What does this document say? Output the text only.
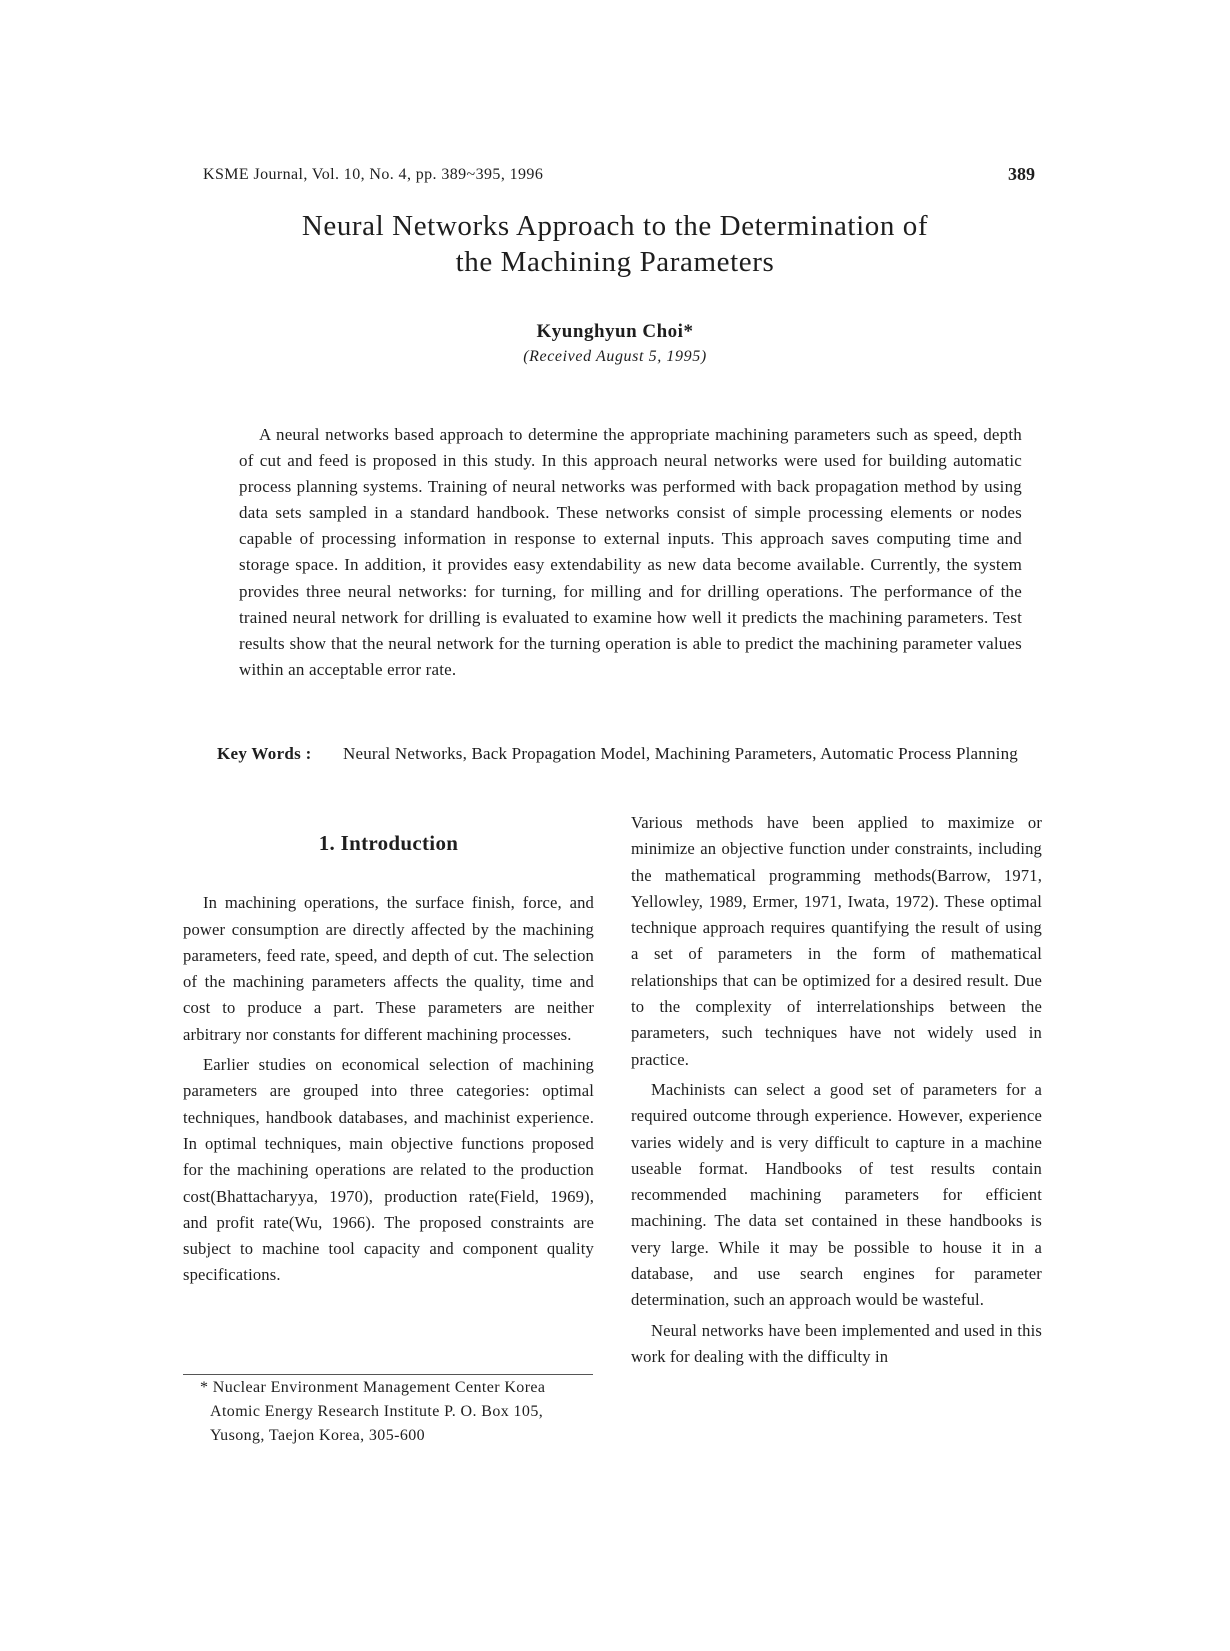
KSME Journal, Vol. 10, No. 4, pp. 389~395, 1996	389
Neural Networks Approach to the Determination of
the Machining Parameters
Kyunghyun Choi*
(Received August 5, 1995)

A neural networks based approach to determine the appropriate machining parameters such as speed, depth of cut and feed is proposed in this study. In this approach neural networks were used for building automatic process planning systems. Training of neural networks was performed with back propagation method by using data sets sampled in a standard handbook. These networks consist of simple processing elements or nodes capable of processing information in response to external inputs. This approach saves computing time and storage space. In addition, it provides easy extendability as new data become available. Currently, the system provides three neural networks: for turning, for milling and for drilling operations. The performance of the trained neural network for drilling is evaluated to examine how well it predicts the machining parameters. Test results show that the neural network for the turning operation is able to predict the machining parameter values within an acceptable error rate.

Key Words :	Neural Networks, Back Propagation Model, Machining Parameters, Automatic Process Planning
1. Introduction

In machining operations, the surface finish, force, and power consumption are directly affected by the machining parameters, feed rate, speed, and depth of cut. The selection of the machining parameters affects the quality, time and cost to produce a part. These parameters are neither arbitrary nor constants for different machining processes.

Earlier studies on economical selection of machining parameters are grouped into three categories: optimal techniques, handbook databases, and machinist experience. In optimal techniques, main objective functions proposed for the machining operations are related to the production cost(Bhattacharyya, 1970), production rate(Field, 1969), and profit rate(Wu, 1966). The proposed constraints are subject to machine tool capacity and component quality specifications.

Various methods have been applied to maximize or minimize an objective function under constraints, including the mathematical programming methods(Barrow, 1971, Yellowley, 1989, Ermer, 1971, Iwata, 1972). These optimal technique approach requires quantifying the result of using a set of parameters in the form of mathematical relationships that can be optimized for a desired result. Due to the complexity of interrelationships between the parameters, such techniques have not widely used in practice.

Machinists can select a good set of parameters for a required outcome through experience. However, experience varies widely and is very difficult to capture in a machine useable format. Handbooks of test results contain recommended machining parameters for efficient machining. The data set contained in these handbooks is very large. While it may be possible to house it in a database, and use search engines for parameter determination, such an approach would be wasteful.

Neural networks have been implemented and used in this work for dealing with the difficulty in

* Nuclear Environment Management Center Korea
Atomic Energy Research Institute P. O. Box 105,
Yusong, Taejon Korea, 305-600
